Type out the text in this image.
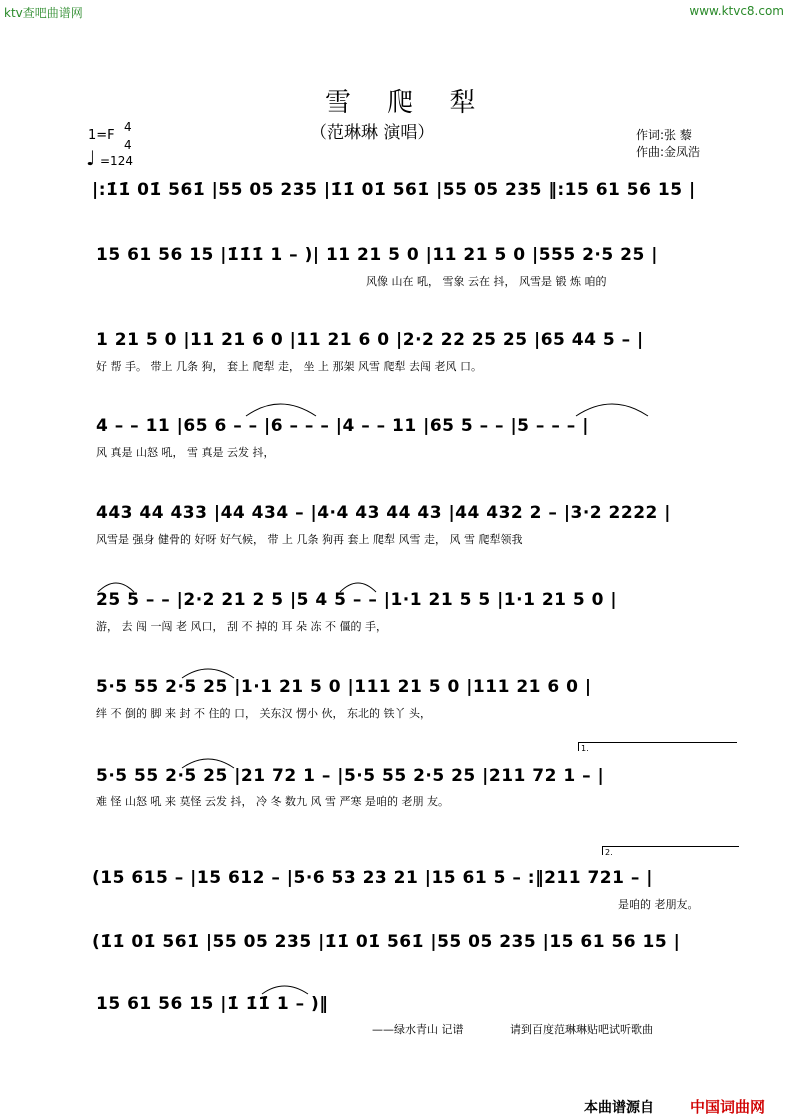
ktv查吧曲谱网	www.ktvc8.com
雪 爬 犁
（范琳琳 演唱）	作词:张 藜
作曲:金凤浩
1=F
4
4
♩ =124
|:1̇1̇ 01̇ 561̇ |55 05 235 |1̇1̇ 01̇ 561̇ |55 05 235 ‖:15 61 56 15 |
15 61 56 15 |1̇1̇1̇ 1 – )| 11 21 5 0 |11 21 5 0 |555 2·5 25 |
风像 山在 吼， 雪象 云在 抖， 风雪是 锻 炼 咱的
1 21 5 0 |11 21 6 0 |11 21 6 0 |2·2 22 25 25 |65 44 5 – |
好 帮 手。 带上 几条 狗， 套上 爬犁 走， 坐 上 那架 风雪 爬犁 去闯 老风 口。
4 – – 11 |65 6 – – |6 – – – |4 – – 11 |65 5 – – |5 – – – |
风 真是 山怒 吼， 雪 真是 云发 抖，
443 44 433 |44 434 – |4·4 43 44 43 |44 432 2 – |3·2 2222 |
风雪是 强身 健骨的 好呀 好气候， 带 上 几条 狗再 套上 爬犁 风雪 走， 风 雪 爬犁领我
25 5 – – |2·2 21 2 5 |5 4 5 – – |1·1 21 5 5 |1·1 21 5 0 |
游， 去 闯 一闯 老 风口， 刮 不 掉的 耳 朵 冻 不 僵的 手，
5·5 55 2·5 25 |1·1 21 5 0 |111 21 5 0 |111 21 6 0 |
绊 不 倒的 脚 来 封 不 住的 口， 关东汉 愣小 伙， 东北的 铁丫 头，
5·5 55 2·5 25 |21 72 1 – |5·5 55 2·5 25 |211 72 1 – |
难 怪 山怒 吼 来 莫怪 云发 抖， 冷 冬 数九 风 雪 严寒 是咱的 老朋 友。
1.
(15 615 – |15 612 – |5·6 53 23 21 |15 61 5 – :‖211 721 – |
是咱的 老朋友。
2.
(1̇1̇ 01̇ 561̇ |55 05 235 |1̇1̇ 01̇ 561̇ |55 05 235 |15 61 56 15 |
15 61 56 15 |1̇ 1̇1̇ 1 – )‖
——绿水青山 记谱	请到百度范琳琳贴吧试听歌曲
本曲谱源自 中国词曲网
